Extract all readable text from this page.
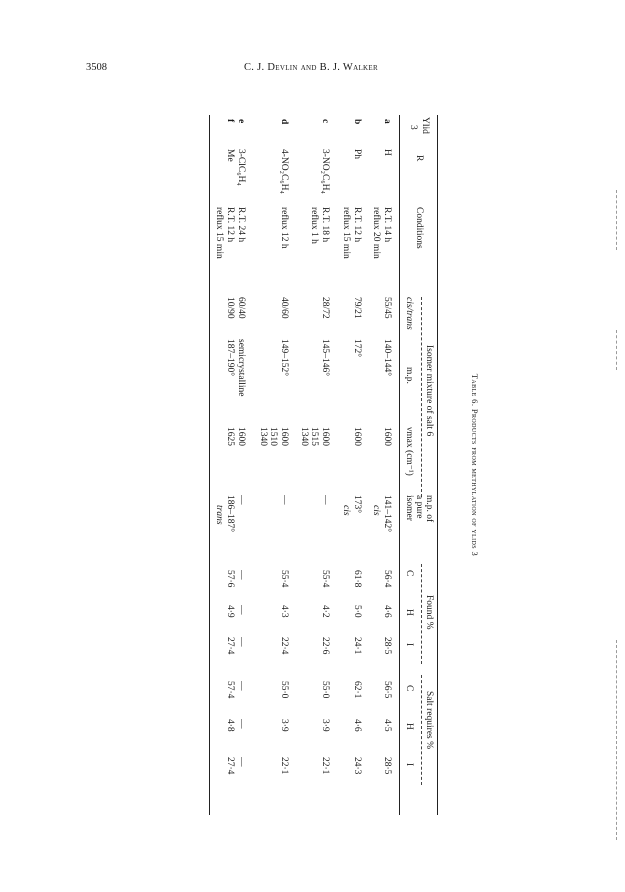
3508	C. J. Devlin and B. J. Walker
Table 6. Products from methylation of ylids 3
Ylid
3
R
Conditions
Isomer mixture of salt 6
cis/trans
m.p.
νmax (cm⁻¹)
m.p. of
a pure
isomer
Found %
Salt requires %
C
H
I
C
H
I
a
H
R.T. 14 h
reflux 20 min
55/45
140–144°
1600
141–142°
cis
56·4
4·6
28·5
56·5
4·5
28·5
b
Ph
R.T. 12 h
reflux 15 min
79/21
172°
1600
173°
cis
61·8
5·0
24·1
62·1
4·6
24·3
c
3-NO₂C₆H₄
R.T. 18 h
reflux 1 h
28/72
145–146°
1600
1515
1340
—
55·4
4·2
22·6
55·0
3·9
22·1
d
4-NO₂C₆H₄
reflux 12 h
40/60
149–152°
1600
1510
1340
—
55·4
4·3
22·4
55·0
3·9
22·1
e
3-ClC₆H₄
R.T. 24 h
60/40
semicrystalline
1600
—
—
—
—
—
—
—
f
Me
R.T. 12 h
reflux 15 min
10/90
187–190°
1625
186–187°
trans
57·6
4·9
27·4
57·4
4·8
27·4
